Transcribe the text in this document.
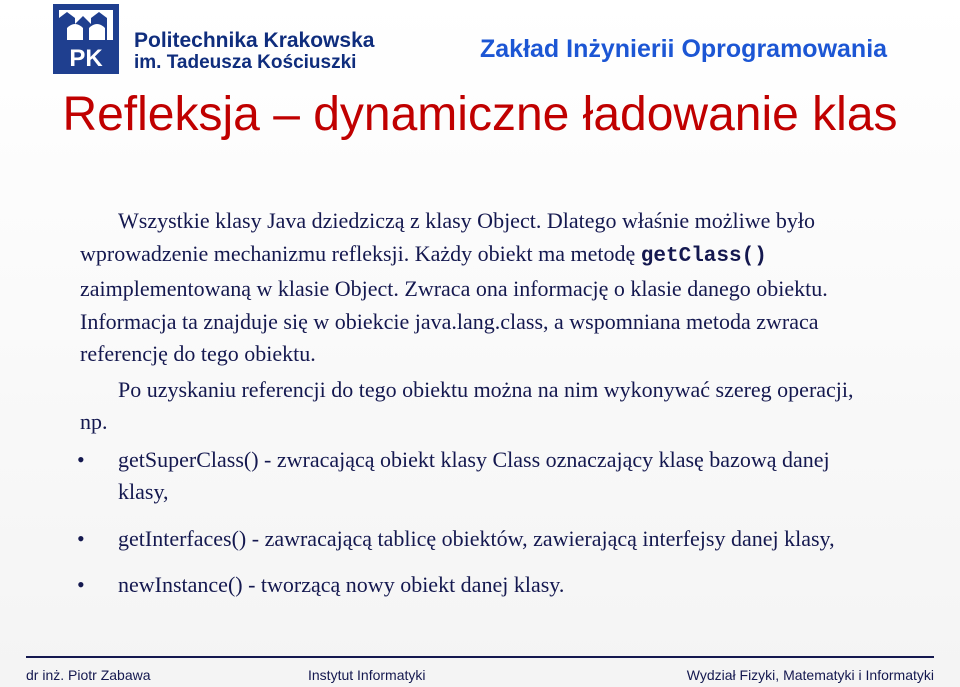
PK
Politechnika Krakowska
im. Tadeusza Kościuszki	Zakład Inżynierii Oprogramowania
Refleksja – dynamiczne ładowanie klas

Wszystkie klasy Java dziedziczą z klasy Object. Dlatego właśnie możliwe było wprowadzenie mechanizmu refleksji. Każdy obiekt ma metodę getClass() zaimplementowaną w klasie Object. Zwraca ona informację o klasie danego obiektu. Informacja ta znajduje się w obiekcie java.lang.class, a wspomniana metoda zwraca referencję do tego obiektu.

Po uzyskaniu referencji do tego obiektu można na nim wykonywać szereg operacji, np.

• getSuperClass() - zwracającą obiekt klasy Class oznaczający klasę bazową danej klasy,

• getInterfaces() - zawracającą tablicę obiektów, zawierającą interfejsy danej klasy,

• newInstance() - tworzącą nowy obiekt danej klasy.

dr inż. Piotr Zabawa	Instytut Informatyki	Wydział Fizyki, Matematyki i Informatyki
